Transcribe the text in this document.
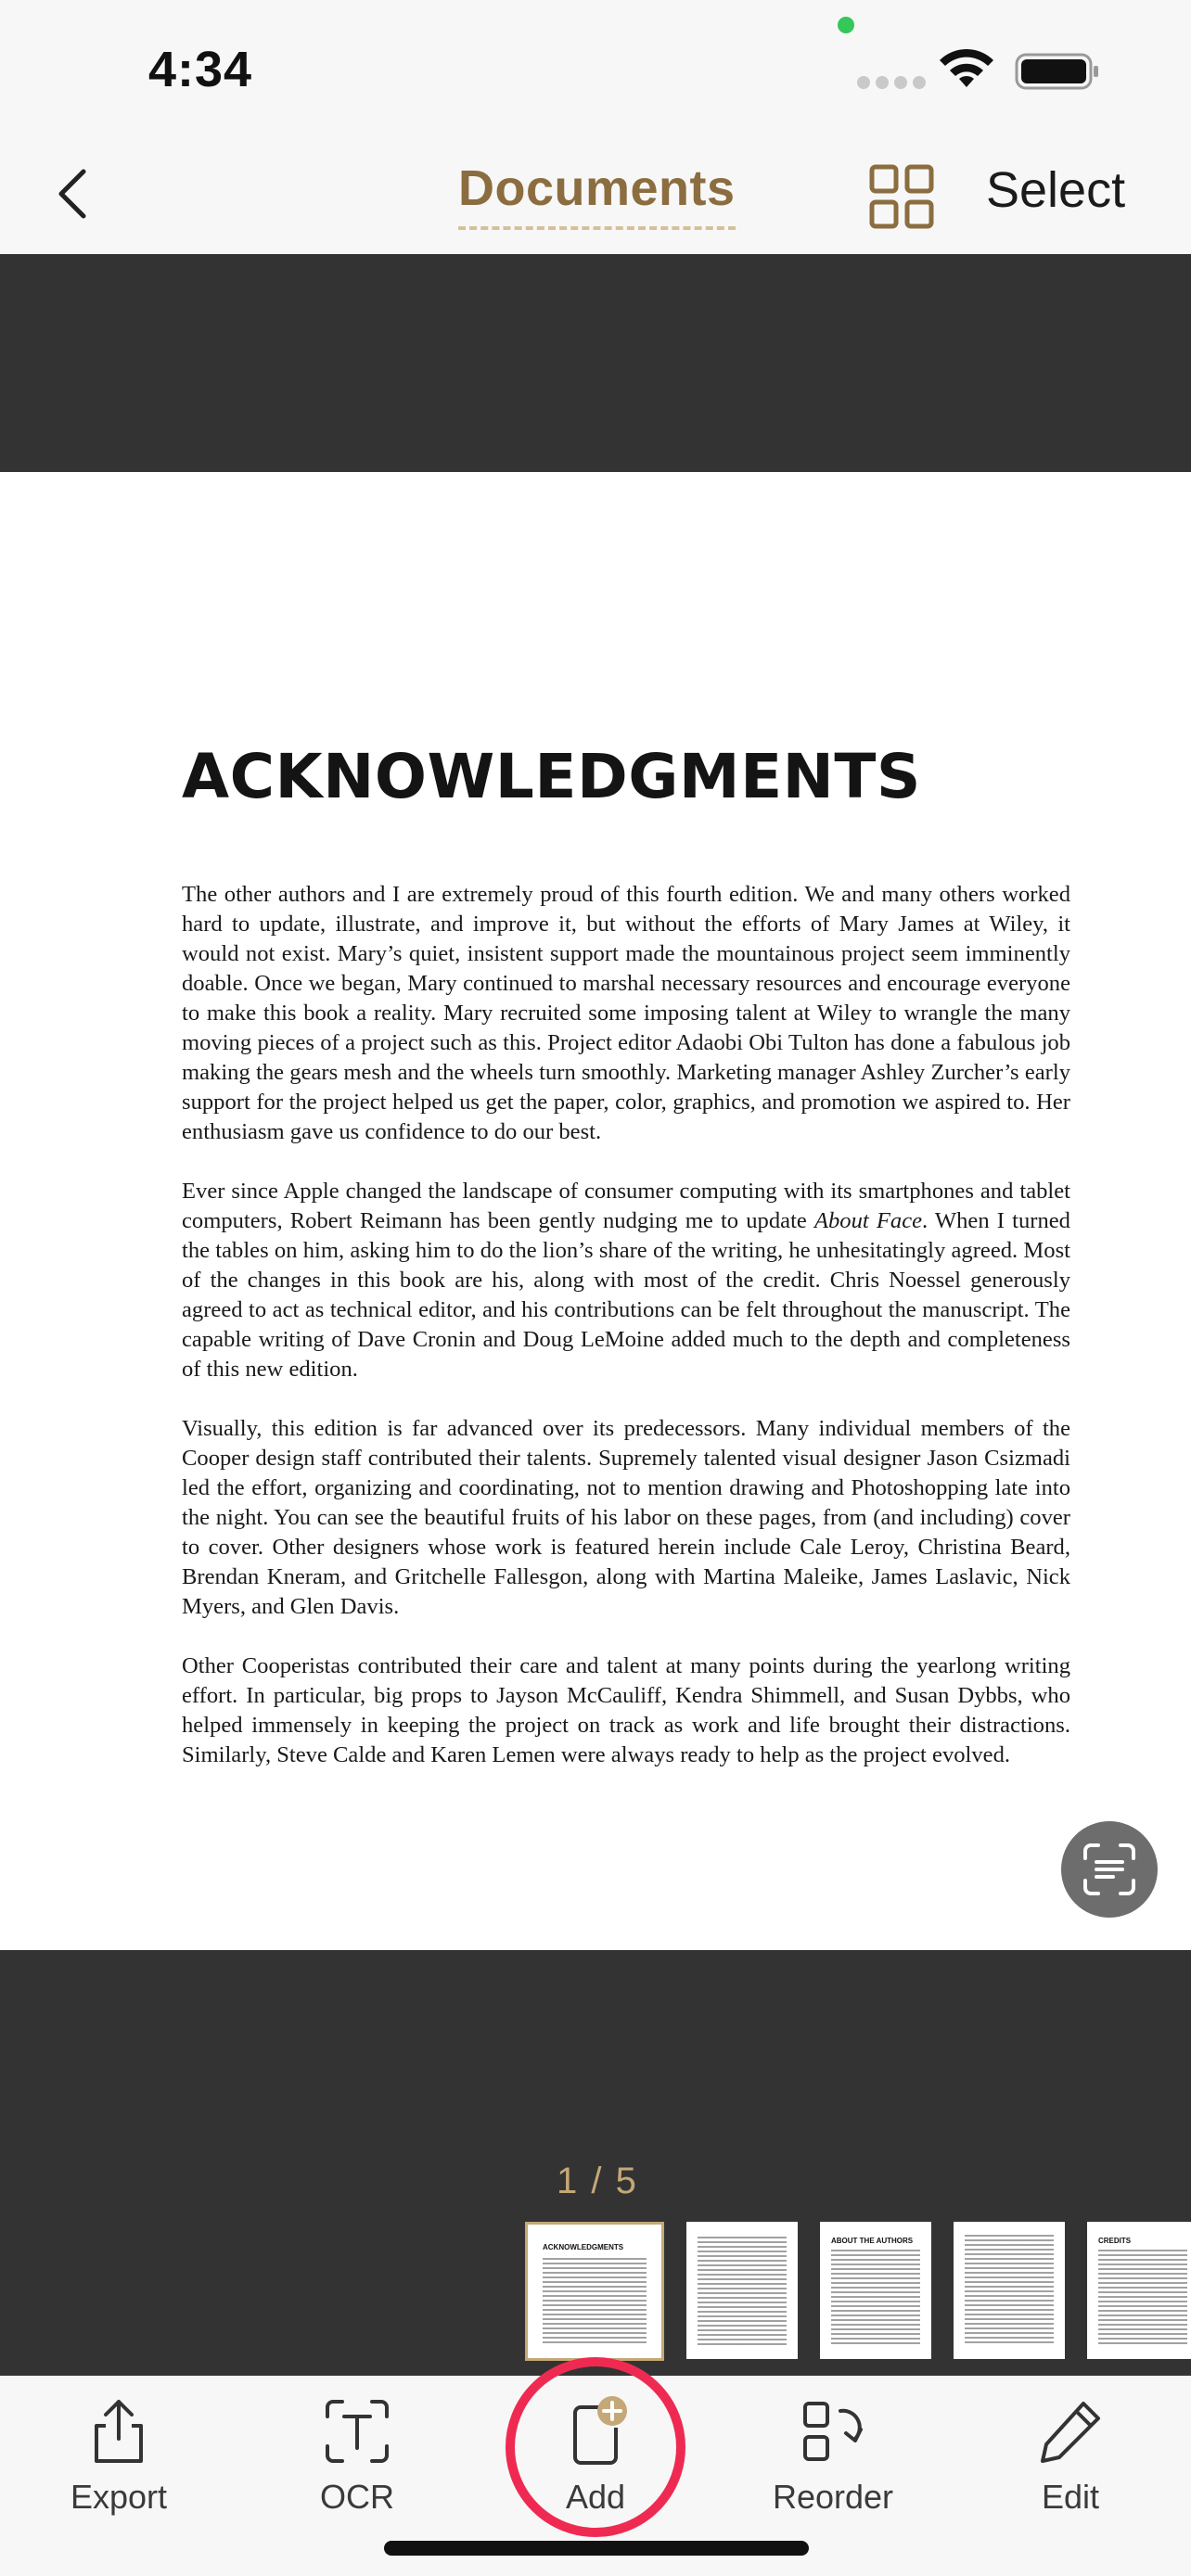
4:34
Documents	Select
ACKNOWLEDGMENTS

The other authors and I are extremely proud of this fourth edition. We and many others worked hard to update, illustrate, and improve it, but without the efforts of Mary James at Wiley, it would not exist. Mary’s quiet, insistent support made the mountainous project seem imminently doable. Once we began, Mary continued to marshal necessary resources and encourage everyone to make this book a reality. Mary recruited some imposing talent at Wiley to wrangle the many moving pieces of a project such as this. Project editor Adaobi Obi Tulton has done a fabulous job making the gears mesh and the wheels turn smoothly. Marketing manager Ashley Zurcher’s early support for the project helped us get the paper, color, graphics, and promotion we aspired to. Her enthusiasm gave us confidence to do our best.

Ever since Apple changed the landscape of consumer computing with its smartphones and tablet computers, Robert Reimann has been gently nudging me to update About Face. When I turned the tables on him, asking him to do the lion’s share of the writing, he unhesitatingly agreed. Most of the changes in this book are his, along with most of the credit. Chris Noessel generously agreed to act as technical editor, and his contributions can be felt throughout the manuscript. The capable writing of Dave Cronin and Doug LeMoine added much to the depth and completeness of this new edition.

Visually, this edition is far advanced over its predecessors. Many individual members of the Cooper design staff contributed their talents. Supremely talented visual designer Jason Csizmadi led the effort, organizing and coordinating, not to mention drawing and Photoshopping late into the night. You can see the beautiful fruits of his labor on these pages, from (and including) cover to cover. Other designers whose work is featured herein include Cale Leroy, Christina Beard, Brendan Kneram, and Gritchelle Fallesgon, along with Martina Maleike, James Laslavic, Nick Myers, and Glen Davis.

Other Cooperistas contributed their care and talent at many points during the yearlong writing effort. In particular, big props to Jayson McCauliff, Kendra Shimmell, and Susan Dybbs, who helped immensely in keeping the project on track as work and life brought their distractions. Similarly, Steve Calde and Karen Lemen were always ready to help as the project evolved.

1 / 5
ACKNOWLEDGMENTS
ABOUT THE AUTHORS	CREDITS
Export	OCR	Add	Reorder	Edit
